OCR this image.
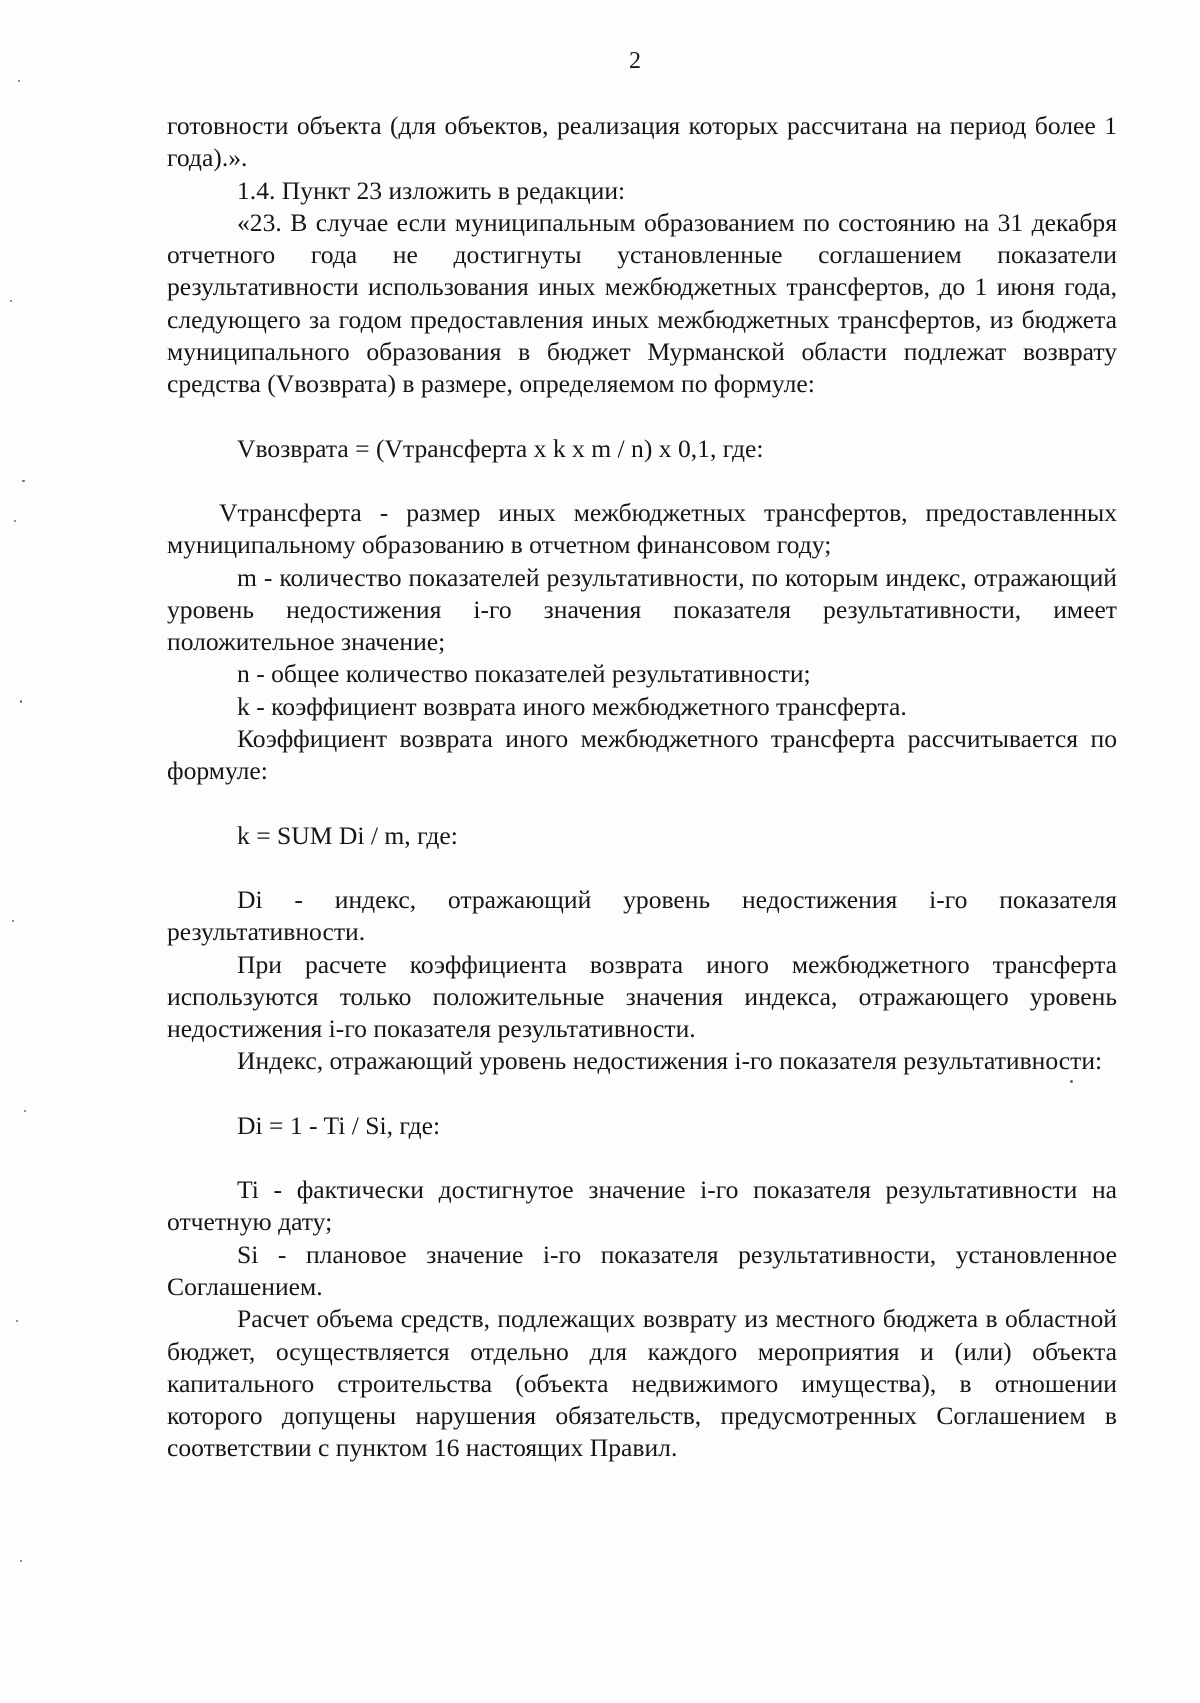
2

готовности объекта (для объектов, реализация которых рассчитана на период более 1 года).».

1.4. Пункт 23 изложить в редакции:

«23. В случае если муниципальным образованием по состоянию на 31 декабря отчетного года не достигнуты установленные соглашением показатели результативности использования иных межбюджетных трансфертов, до 1 июня года, следующего за годом предоставления иных межбюджетных трансфертов, из бюджета муниципального образования в бюджет Мурманской области подлежат возврату средства (Vвозврата) в размере, определяемом по формуле:

Vвозврата = (Vтрансферта x k x m / n) x 0,1, где:

Vтрансферта - размер иных межбюджетных трансфертов, предоставленных муниципальному образованию в отчетном финансовом году;

m - количество показателей результативности, по которым индекс, отражающий уровень недостижения i-го значения показателя результативности, имеет положительное значение;

n - общее количество показателей результативности;

k - коэффициент возврата иного межбюджетного трансферта.

Коэффициент возврата иного межбюджетного трансферта рассчитывается по формуле:

k = SUM Di / m, где:

Di - индекс, отражающий уровень недостижения i-го показателя результативности.

При расчете коэффициента возврата иного межбюджетного трансферта используются только положительные значения индекса, отражающего уровень недостижения i-го показателя результативности.

Индекс, отражающий уровень недостижения i-го показателя результативности:

Di = 1 - Ti / Si, где:

Ti - фактически достигнутое значение i-го показателя результативности на отчетную дату;

Si - плановое значение i-го показателя результативности, установленное Соглашением.

Расчет объема средств, подлежащих возврату из местного бюджета в областной бюджет, осуществляется отдельно для каждого мероприятия и (или) объекта капитального строительства (объекта недвижимого имущества), в отношении которого допущены нарушения обязательств, предусмотренных Соглашением в соответствии с пунктом 16 настоящих Правил.
